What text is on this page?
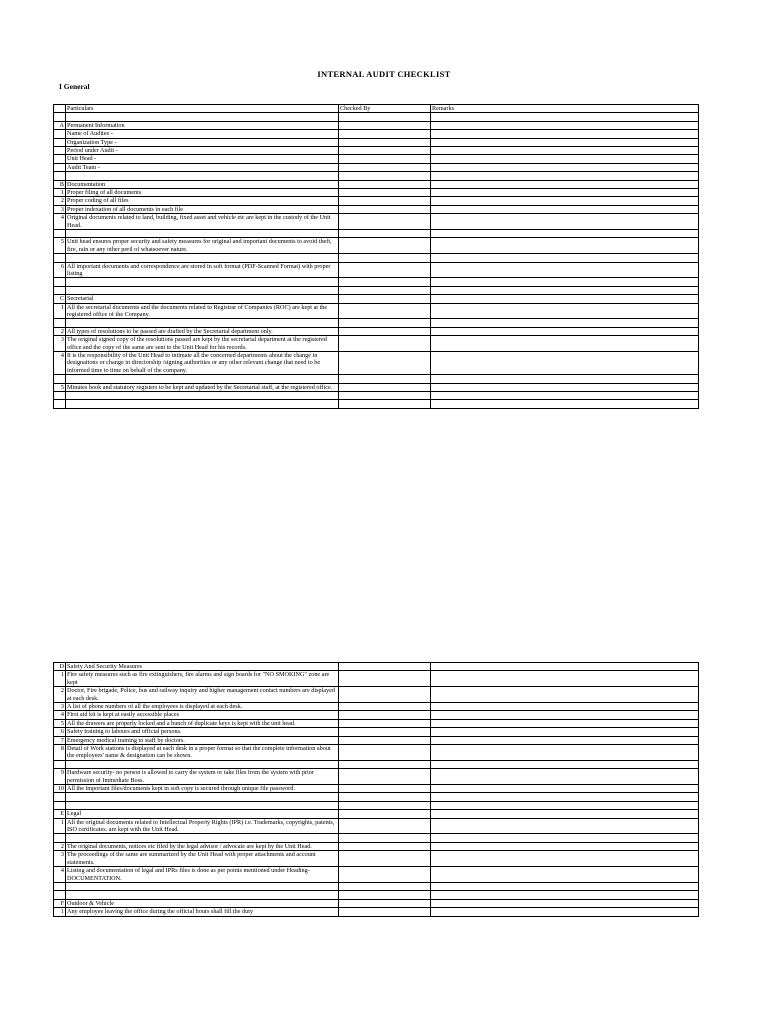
INTERNAL AUDIT CHECKLIST
I General
	Particulars	Checked By	Remarks

A	Permanent Information		
	Name of Auditee -		
	Organization Type -		
	Period under Audit -		
	Unit Head -		
	Audit Team -		

B	Documentation		
1	Proper filing of all documents		
2	Proper coding of all files		
3	Proper indexation of all documents in each file		
4	Original documents related to land, building, fixed asset and vehicle etc are kept in the custody of the Unit Head.		

5	Unit head ensures proper security and safety measures for original and important documents to avoid theft, fire, rain or any other peril of whatsoever nature.		

6	All important documents and correspondence are stored in soft format (PDF-Scanned Format) with proper listing		

C	Secretarial		
1	All the secretarial documents and the documents related to Registrar of Companies (ROC) are kept at the registered office of the Company.		

2	All types of resolutions to be passed are drafted by the Secretarial department only.		
3	The original signed copy of the resolutions passed are kept by the secretarial department at the registered office and the copy of the same are sent to the Unit Head for his records.		
4	It is the responsibility of the Unit Head to intimate all the concerned departments about the change in designations or change in directorship /signing authorities or any other relevant change that need to be informed time to time on behalf of the company.		

5	Minutes book and statutory registers to be kept and updated by the Secretarial staff, at the registered office.		

D	Safety And Security Measures		
1	Fire safety measures such as fire extinguishers, fire alarms and sign boards for "NO SMOKING" zone are kept		
2	Doctor, Fire brigade, Police, bus and railway inquiry and higher management contact numbers are displayed at each desk.		
3	A list of phone numbers of all the employees is displayed at each desk.		
4	First aid kit is kept at easily accessible places		
5	All the drawers are properly locked and a bunch of duplicate keys is kept with the unit head.		
6	Safety training to labours and official persons.		
7	Emergency medical training to staff by doctors.		
8	Detail of Work stations is displayed at each desk in a proper format so that the complete information about the employees' name & designation can be shown.		

9	Hardware security- no person is allowed to carry the system or take files from the system with prior permission of Immediate Boss.		
10	All the important files/documents kept in soft copy is secured through unique file password.		

E	Legal		
1	All the original documents related to Intellectual Property Rights (IPR) i.e. Trademarks, copyrights, patents, ISO certificates. are kept with the Unit Head.		

2	The original documents, notices etc filed by the legal advisor / advocate are kept by the Unit Head.		
3	The proceedings of the same are summarized by the Unit Head with proper attachments and account statements.		
4	Listing and documentation of legal and IPRs files is done as per points mentioned under Heading- DOCUMENTATION.		

F	Outdoor & Vehicle		
1	Any employee leaving the office during the official hours shall fill the duty		
